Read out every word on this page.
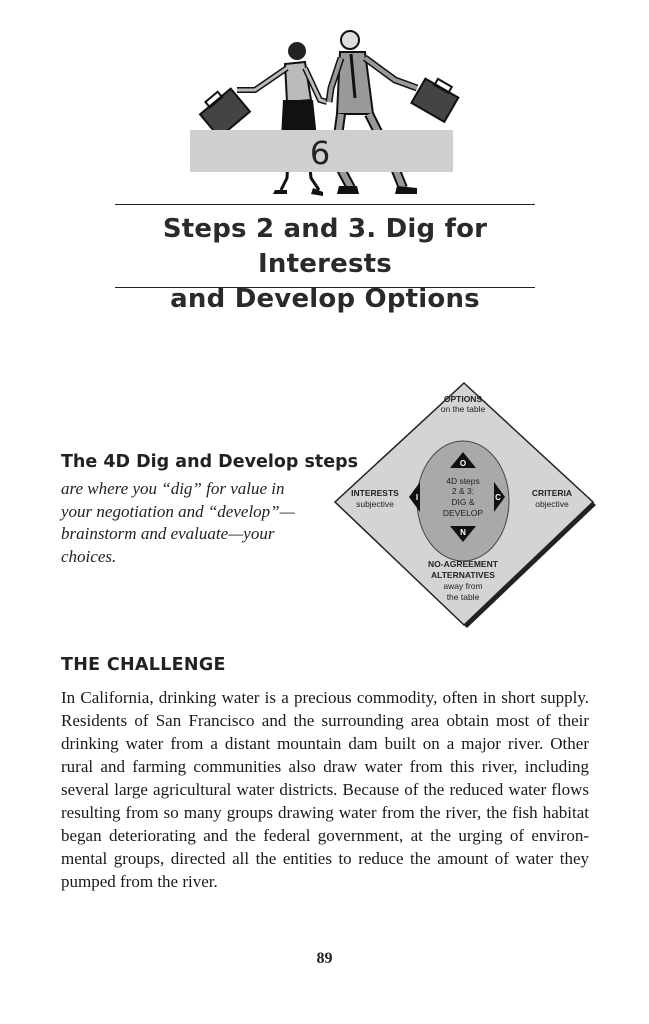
6
Steps 2 and 3. Dig for Interests
and Develop Options
The 4D Dig and Develop steps
are where you “dig” for value in
your negotiation and “develop”—
brainstorm and evaluate—your
choices.
O
N
I	C
4D steps
2 & 3:
DIG &
DEVELOP
OPTIONS
on the table
INTERESTS
subjective
CRITERIA
objective
NO-AGREEMENT
ALTERNATIVES
away from
the table
THE CHALLENGE
In California, drinking water is a precious commodity, often in short supply.
Residents of San Francisco and the surrounding area obtain most of their
drinking water from a distant mountain dam built on a major river. Other
rural and farming communities also draw water from this river, including
several large agricultural water districts. Because of the reduced water flows
resulting from so many groups drawing water from the river, the fish habitat
began deteriorating and the federal government, at the urging of environ-
mental groups, directed all the entities to reduce the amount of water they
pumped from the river.
89
